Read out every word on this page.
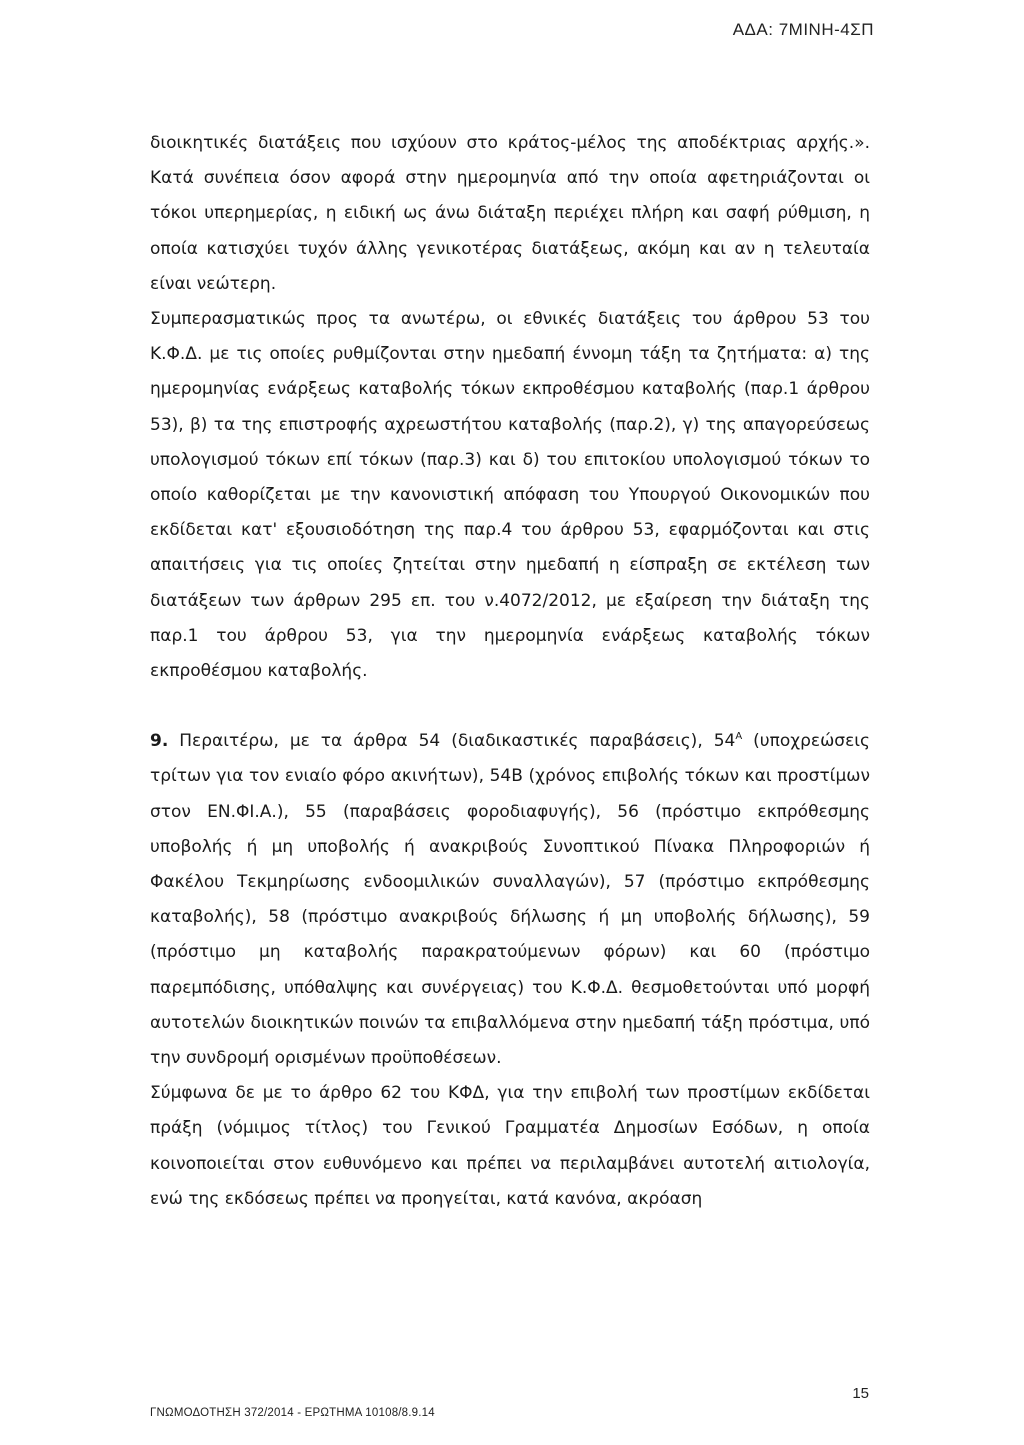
ΑΔΑ: 7ΜΙΝΗ-4ΣΠ

διοικητικές διατάξεις που ισχύουν στο κράτος-μέλος της αποδέκτριας αρχής.». Κατά συνέπεια όσον αφορά στην ημερομηνία από την οποία αφετηριάζονται οι τόκοι υπερημερίας, η ειδική ως άνω διάταξη περιέχει πλήρη και σαφή ρύθμιση, η οποία κατισχύει τυχόν άλλης γενικοτέρας διατάξεως, ακόμη και αν η τελευταία είναι νεώτερη.

Συμπερασματικώς προς τα ανωτέρω, οι εθνικές διατάξεις του άρθρου 53 του Κ.Φ.Δ. με τις οποίες ρυθμίζονται στην ημεδαπή έννομη τάξη τα ζητήματα: α) της ημερομηνίας ενάρξεως καταβολής τόκων εκπροθέσμου καταβολής (παρ.1 άρθρου 53), β) τα της επιστροφής αχρεωστήτου καταβολής (παρ.2), γ) της απαγορεύσεως υπολογισμού τόκων επί τόκων (παρ.3) και δ) του επιτοκίου υπολογισμού τόκων το οποίο καθορίζεται με την κανονιστική απόφαση του Υπουργού Οικονομικών που εκδίδεται κατ' εξουσιοδότηση της παρ.4 του άρθρου 53, εφαρμόζονται και στις απαιτήσεις για τις οποίες ζητείται στην ημεδαπή η είσπραξη σε εκτέλεση των διατάξεων των άρθρων 295 επ. του ν.4072/2012, με εξαίρεση την διάταξη της παρ.1 του άρθρου 53, για την ημερομηνία ενάρξεως καταβολής τόκων εκπροθέσμου καταβολής.

9. Περαιτέρω, με τα άρθρα 54 (διαδικαστικές παραβάσεις), $54^A$ (υποχρεώσεις τρίτων για τον ενιαίο φόρο ακινήτων), 54Β (χρόνος επιβολής τόκων και προστίμων στον ΕΝ.ΦΙ.Α.), 55 (παραβάσεις φοροδιαφυγής), 56 (πρόστιμο εκπρόθεσμης υποβολής ή μη υποβολής ή ανακριβούς Συνοπτικού Πίνακα Πληροφοριών ή Φακέλου Τεκμηρίωσης ενδοομιλικών συναλλαγών), 57 (πρόστιμο εκπρόθεσμης καταβολής), 58 (πρόστιμο ανακριβούς δήλωσης ή μη υποβολής δήλωσης), 59 (πρόστιμο μη καταβολής παρακρατούμενων φόρων) και 60 (πρόστιμο παρεμπόδισης, υπόθαλψης και συνέργειας) του Κ.Φ.Δ. θεσμοθετούνται υπό μορφή αυτοτελών διοικητικών ποινών τα επιβαλλόμενα στην ημεδαπή τάξη πρόστιμα, υπό την συνδρομή ορισμένων προϋποθέσεων.

Σύμφωνα δε με το άρθρο 62 του ΚΦΔ, για την επιβολή των προστίμων εκδίδεται πράξη (νόμιμος τίτλος) του Γενικού Γραμματέα Δημοσίων Εσόδων, η οποία κοινοποιείται στον ευθυνόμενο και πρέπει να περιλαμβάνει αυτοτελή αιτιολογία, ενώ της εκδόσεως πρέπει να προηγείται, κατά κανόνα, ακρόαση

15
ΓΝΩΜΟΔΟΤΗΣΗ 372/2014 - ΕΡΩΤΗΜΑ 10108/8.9.14
